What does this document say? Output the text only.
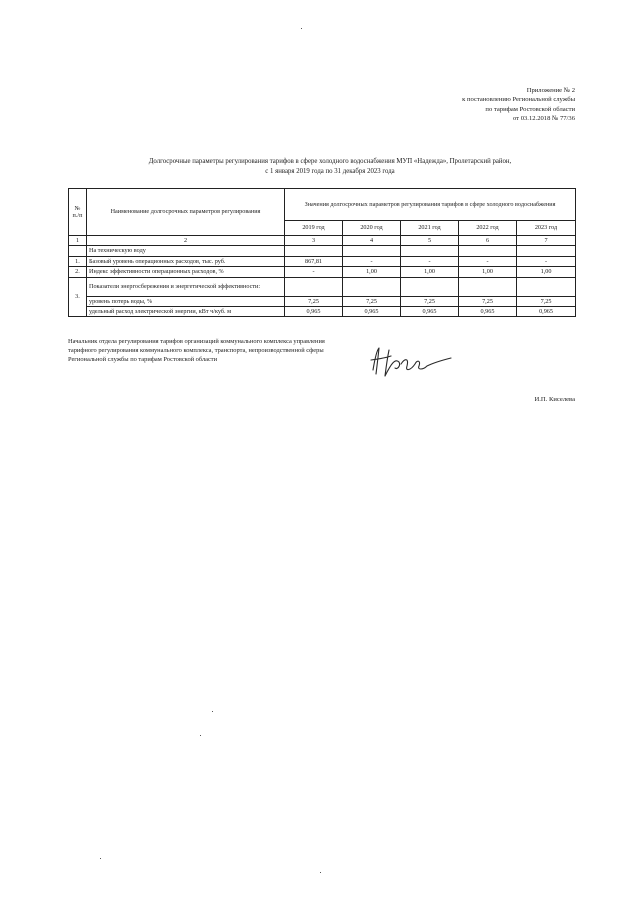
Приложение № 2
к постановлению Региональной службы
по тарифам Ростовской области
от 03.12.2018 № 77/36
Долгосрочные параметры регулирования тарифов в сфере холодного водоснабжения МУП «Надежда», Пролетарский район,
с 1 января 2019 года по 31 декабря 2023 года
№ п./п	Наименование долгосрочных параметров регулирования	Значения долгосрочных параметров регулирования тарифов в сфере холодного водоснабжения				
		2019 год	2020 год	2021 год	2022 год	2023 год
1	2	3	4	5	6	7
	На техническую воду					
1.	Базовый уровень операционных расходов, тыс. руб.	867,81	-	-	-	-
2.	Индекс эффективности операционных расходов, %	-	1,00	1,00	1,00	1,00
3.	Показатели энергосбережения и энергетической эффективности:					
	уровень потерь воды, %	7,25	7,25	7,25	7,25	7,25
	удельный расход электрической энергии, кВт ч/куб. м	0,965	0,965	0,965	0,965	0,965
Начальник отдела регулирования тарифов организаций коммунального комплекса управления тарифного регулирования коммунального комплекса, транспорта, непроизводственной сферы Региональной службы по тарифам Ростовской области
И.П. Киселева
